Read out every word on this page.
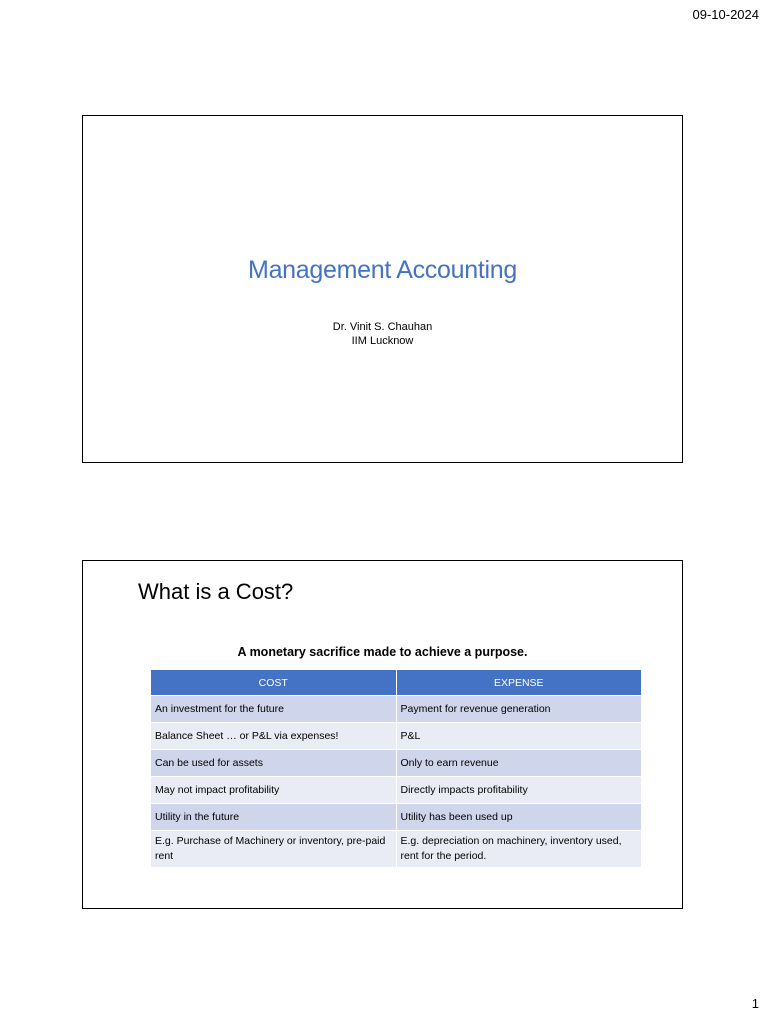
09-10-2024
Management Accounting
Dr. Vinit S. Chauhan
IIM Lucknow
What is a Cost?
A monetary sacrifice made to achieve a purpose.
COST	EXPENSE
An investment for the future	Payment for revenue generation
Balance Sheet … or P&L via expenses!	P&L
Can be used for assets	Only to earn revenue
May not impact profitability	Directly impacts profitability
Utility in the future	Utility has been used up
E.g. Purchase of Machinery or inventory, pre-paid rent	E.g. depreciation on machinery, inventory used, rent for the period.
1
